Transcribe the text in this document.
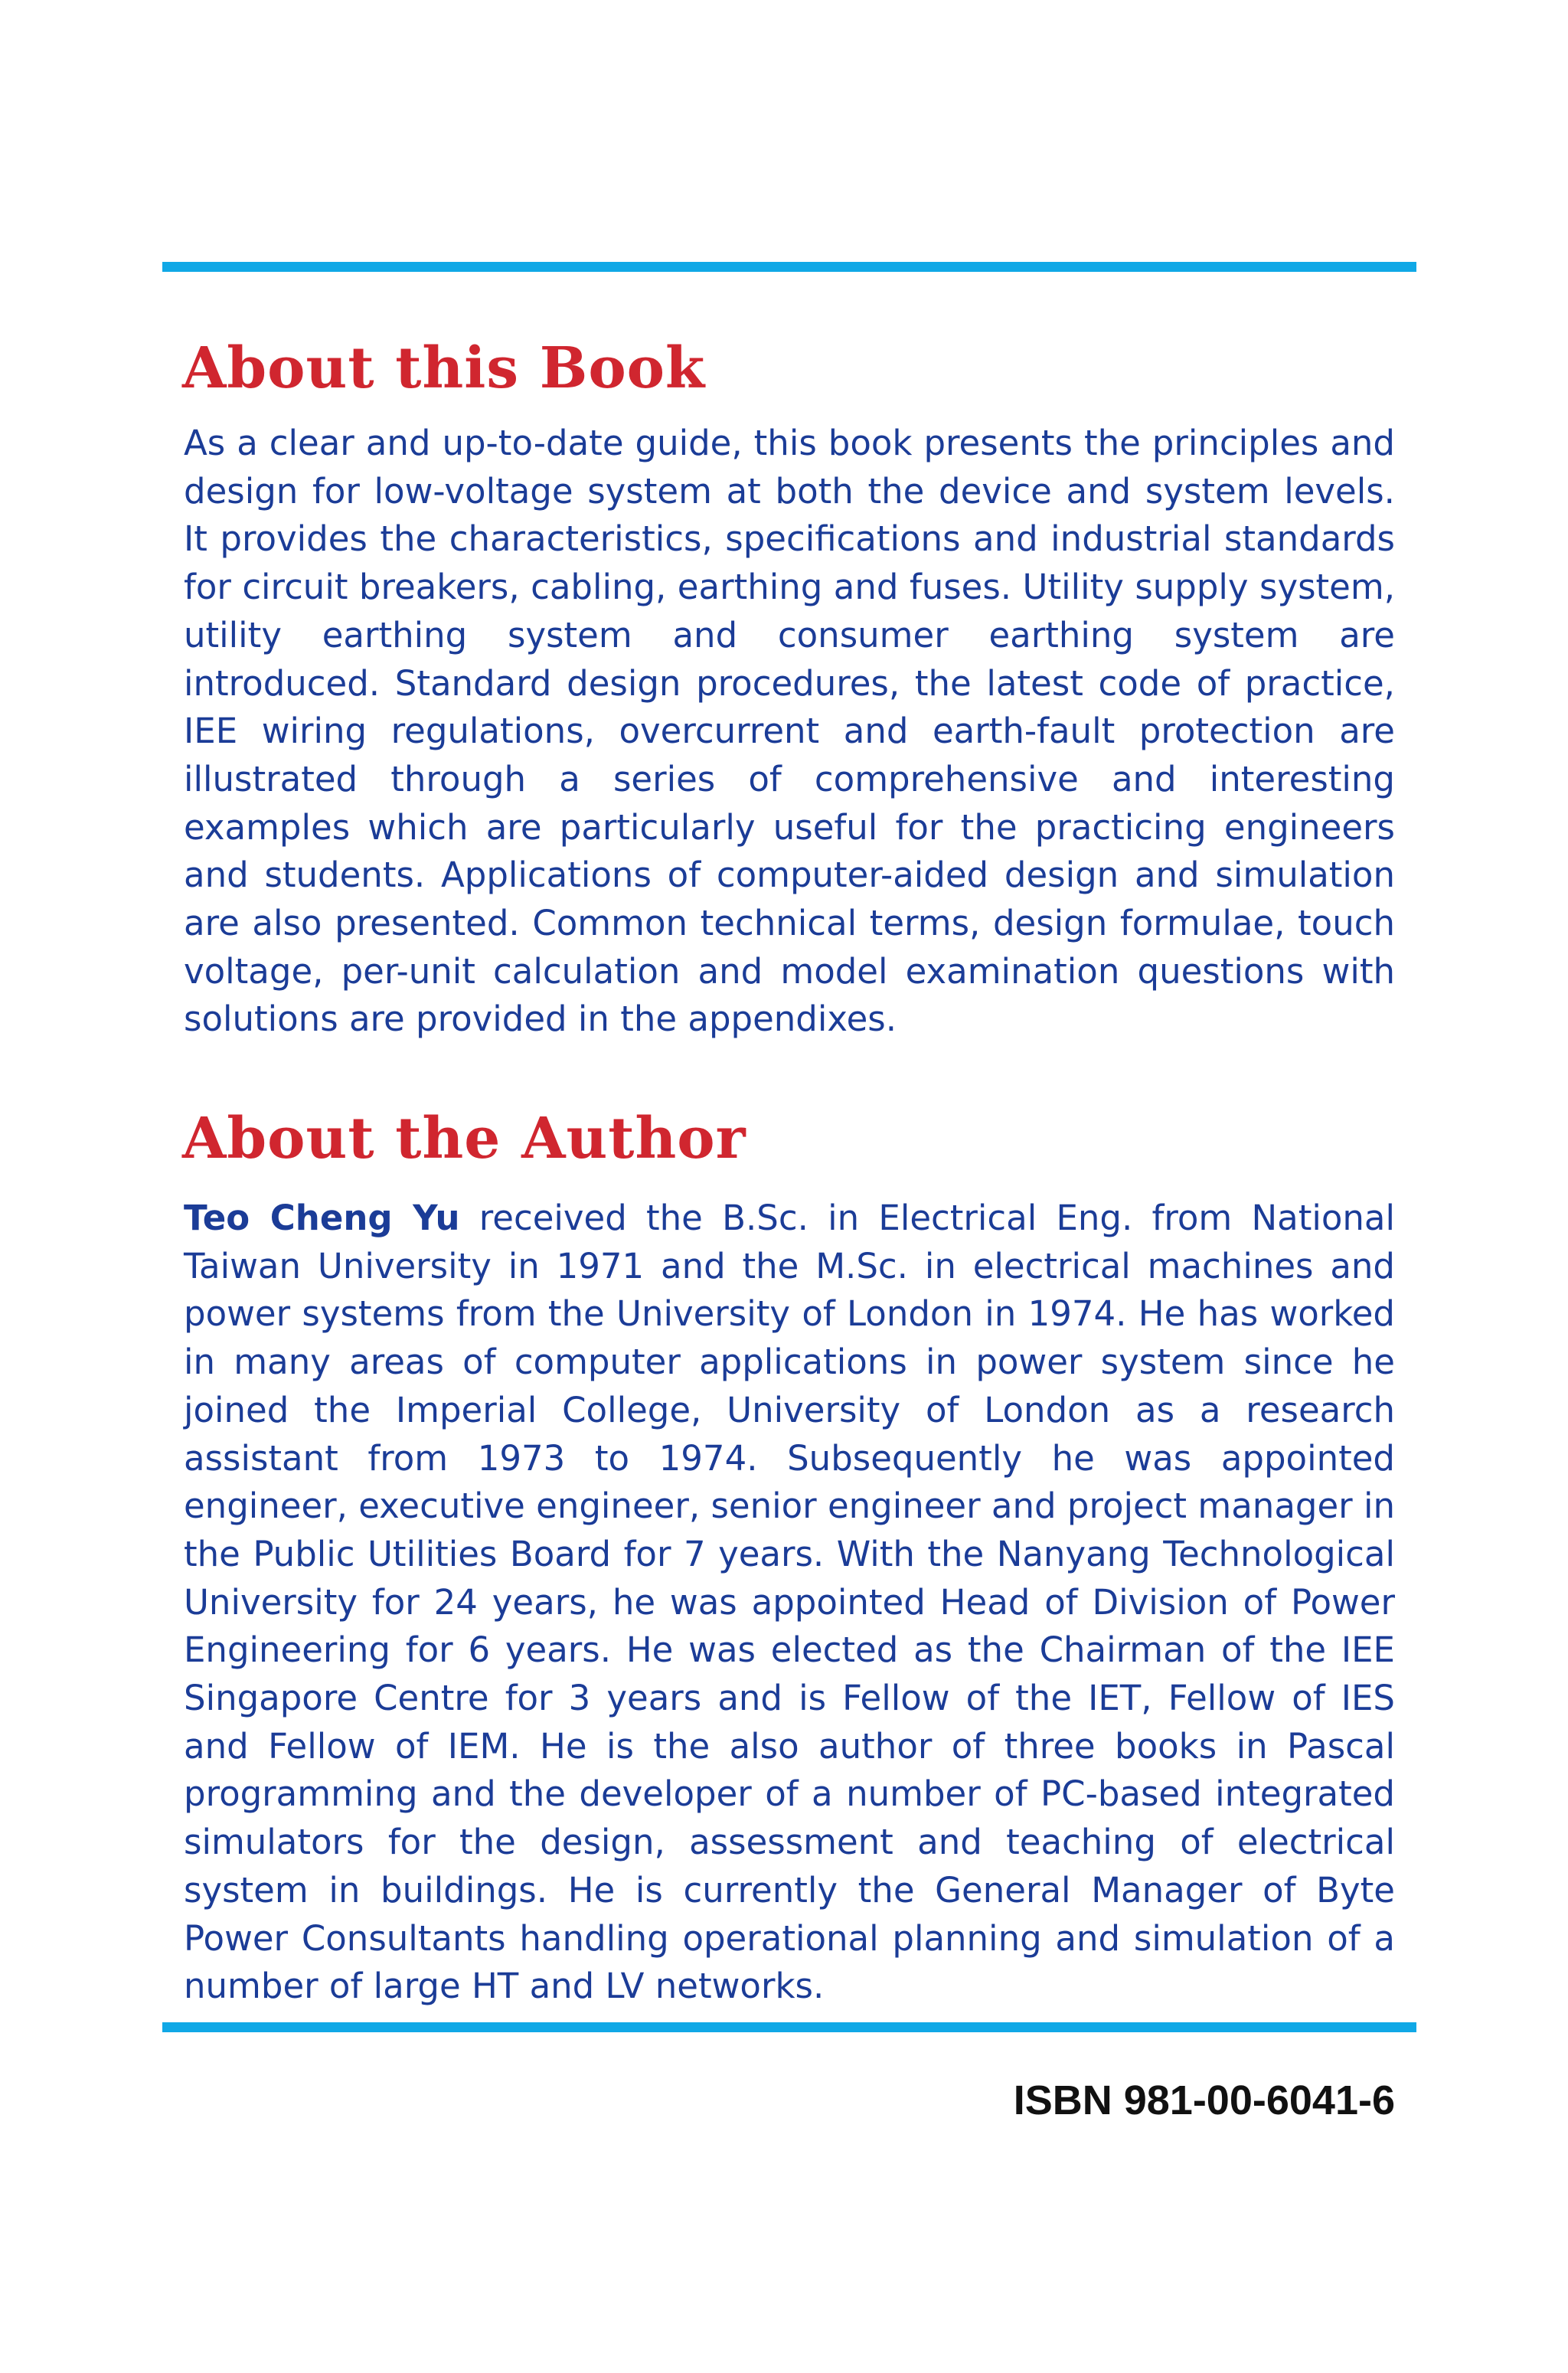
About this Book

As a clear and up-to-date guide, this book presents the principles and design for low-voltage system at both the device and system levels. It provides the characteristics, specifications and industrial standards for circuit breakers, cabling, earthing and fuses. Utility supply system, utility earthing system and consumer earthing system are introduced. Standard design procedures, the latest code of practice, IEE wiring regulations, overcurrent and earth-fault protection are illustrated through a series of comprehensive and interesting examples which are particularly useful for the practicing engineers and students. Applications of computer-aided design and simulation are also presented. Common technical terms, design formulae, touch voltage, per-unit calculation and model examination questions with solutions are provided in the appendixes.

About the Author

Teo Cheng Yu received the B.Sc. in Electrical Eng. from National Taiwan University in 1971 and the M.Sc. in electrical machines and power systems from the University of London in 1974. He has worked in many areas of computer applications in power system since he joined the Imperial College, University of London as a research assistant from 1973 to 1974. Subsequently he was appointed engineer, executive engineer, senior engineer and project manager in the Public Utilities Board for 7 years. With the Nanyang Technological University for 24 years, he was appointed Head of Division of Power Engineering for 6 years. He was elected as the Chairman of the IEE Singapore Centre for 3 years and is Fellow of the IET, Fellow of IES and Fellow of IEM. He is the also author of three books in Pascal programming and the developer of a number of PC-based integrated simulators for the design, assessment and teaching of electrical system in buildings. He is currently the General Manager of Byte Power Consultants handling operational planning and simulation of a number of large HT and LV networks.

ISBN 981-00-6041-6
